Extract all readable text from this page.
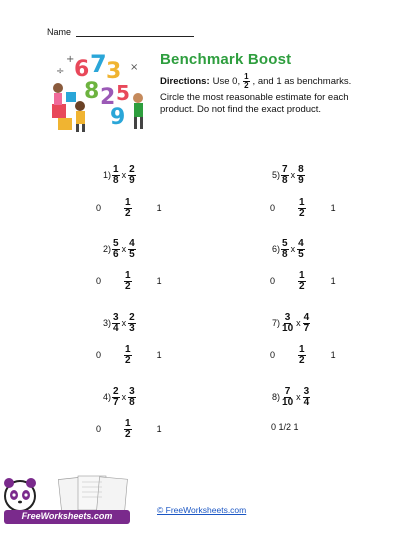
Name
6 7 3
8 2 5
9
+
÷	× Benchmark Boost
Directions: Use 0, $\frac{1}{2}$ , and 1 as benchmarks.
Circle the most reasonable estimate for each product. Do not find the exact product.
$1) \frac{1}{8}$ x $\frac{2}{9}$
$0 \frac{1}{2}$	1
$2) \frac{5}{6}$ x $\frac{4}{5}$
$0 \frac{1}{2}$	1
$3) \frac{3}{4}$ x $\frac{2}{3}$
$0 \frac{1}{2}$	1
$4) \frac{2}{7}$ x $\frac{3}{8}$
$0 \frac{1}{2}$	1
$5) \frac{7}{8}$ x $\frac{8}{9}$
$0 \frac{1}{2}$	1
$6) \frac{5}{8}$ x $\frac{4}{5}$
$0 \frac{1}{2}$	1
$7) \frac{3}{10}$ x $\frac{4}{7}$
$0 \frac{1}{2}$	1
$8) \frac{7}{10}$ x $\frac{3}{4}$
0 1/2 1
© FreeWorksheets.com
FreeWorksheets.com
